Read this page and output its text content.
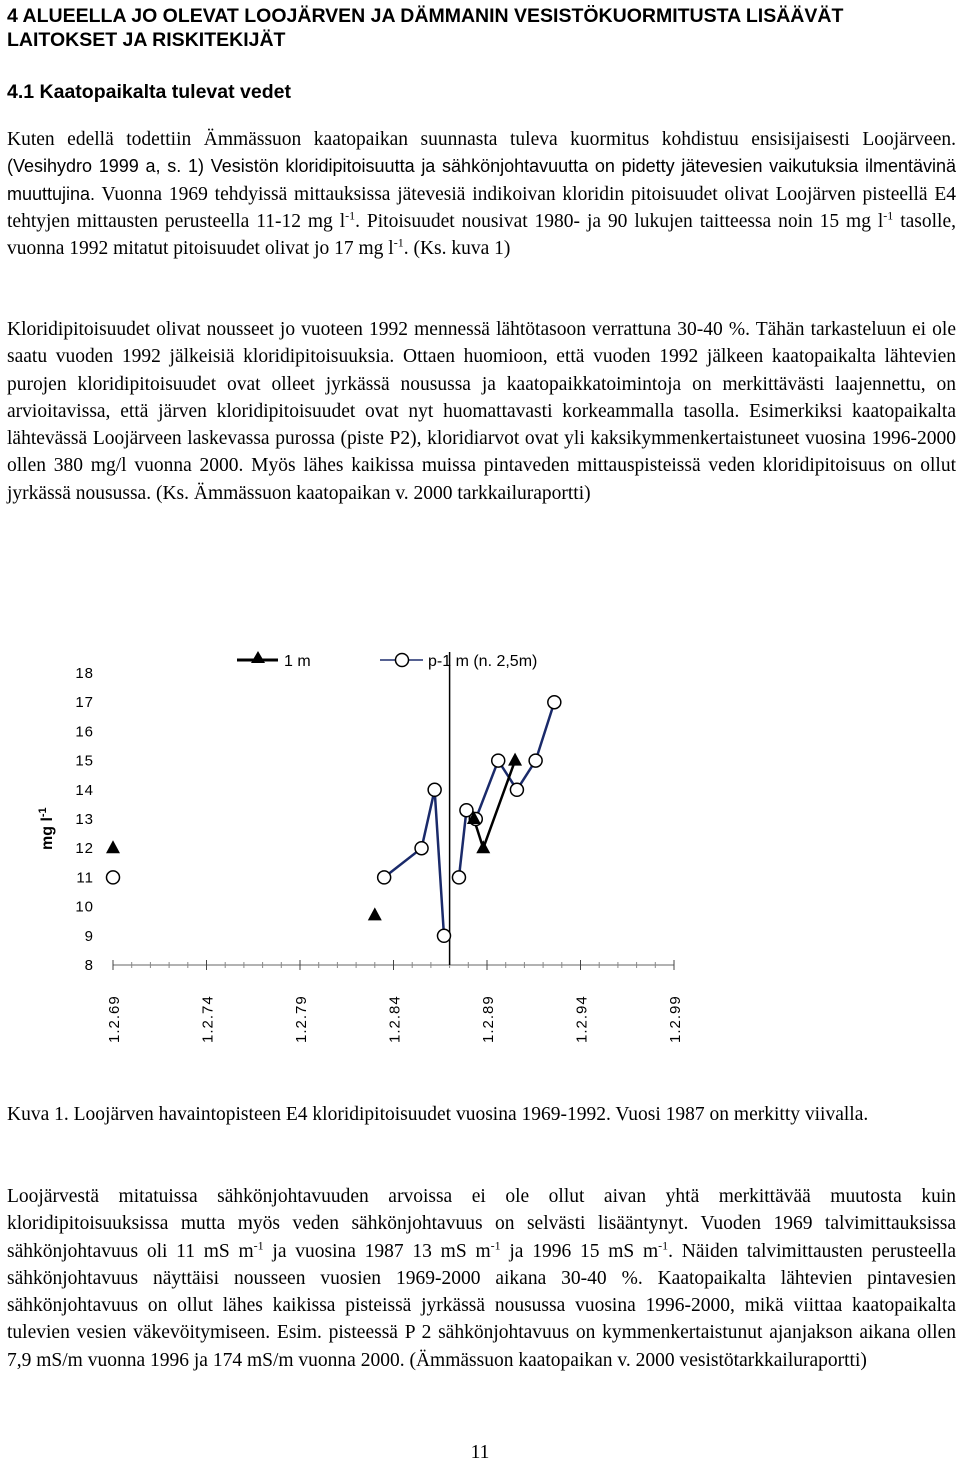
4 ALUEELLA JO OLEVAT LOOJÄRVEN JA DÄMMANIN VESISTÖKUORMITUSTA LISÄÄVÄT LAITOKSET JA RISKITEKIJÄT
4.1 Kaatopaikalta tulevat vedet

Kuten edellä todettiin Ämmässuon kaatopaikan suunnasta tuleva kuormitus kohdistuu ensisijaisesti Loojärveen. (Vesihydro 1999 a, s. 1) Vesistön kloridipitoisuutta ja sähkönjohtavuutta on pidetty jätevesien vaikutuksia ilmentävinä muuttujina. Vuonna 1969 tehdyissä mittauksissa jätevesiä indikoivan kloridin pitoisuudet olivat Loojärven pisteellä E4 tehtyjen mittausten perusteella 11-12 mg $l^{-1}$. Pitoisuudet nousivat 1980- ja 90 lukujen taitteessa noin 15 mg $l^{-1}$ tasolle, vuonna 1992 mitatut pitoisuudet olivat jo 17 mg $l^{-1}$. (Ks. kuva 1)

Kloridipitoisuudet olivat nousseet jo vuoteen 1992 mennessä lähtötasoon verrattuna 30-40 %. Tähän tarkasteluun ei ole saatu vuoden 1992 jälkeisiä kloridipitoisuuksia. Ottaen huomioon, että vuoden 1992 jälkeen kaatopaikalta lähtevien purojen kloridipitoisuudet ovat olleet jyrkässä nousussa ja kaatopaikkatoimintoja on merkittävästi laajennettu, on arvioitavissa, että järven kloridipitoisuudet ovat nyt huomattavasti korkeammalla tasolla. Esimerkiksi kaatopaikalta lähtevässä Loojärveen laskevassa purossa (piste P2), kloridiarvot ovat yli kaksikymmenkertaistuneet vuosina 1996-2000 ollen 380 mg/l vuonna 2000. Myös lähes kaikissa muissa pintaveden mittauspisteissä veden kloridipitoisuus on ollut jyrkässä nousussa. (Ks. Ämmässuon kaatopaikan v. 2000 tarkkailuraportti)

mg $l^{-1}$
18
17
16
15
14
13
12
11
10
9
8
1.2.69	1.2.74	1.2.79	1.2.84	1.2.89	1.2.94	1.2.99
1 m	p-1 m (n. 2,5m)

Kuva 1. Loojärven havaintopisteen E4 kloridipitoisuudet vuosina 1969-1992. Vuosi 1987 on merkitty viivalla.

Loojärvestä mitatuissa sähkönjohtavuuden arvoissa ei ole ollut aivan yhtä merkittävää muutosta kuin kloridipitoisuuksissa mutta myös veden sähkönjohtavuus on selvästi lisääntynyt. Vuoden 1969 talvimittauksissa sähkönjohtavuus oli 11 mS $m^{-1}$ ja vuosina 1987 13 mS $m^{-1}$ ja 1996 15 mS $m^{-1}$. Näiden talvimittausten perusteella sähkönjohtavuus näyttäisi nousseen vuosien 1969-2000 aikana 30-40 %. Kaatopaikalta lähtevien pintavesien sähkönjohtavuus on ollut lähes kaikissa pisteissä jyrkässä nousussa vuosina 1996-2000, mikä viittaa kaatopaikalta tulevien vesien väkevöitymiseen. Esim. pisteessä P 2 sähkönjohtavuus on kymmenkertaistunut ajanjakson aikana ollen 7,9 mS/m vuonna 1996 ja 174 mS/m vuonna 2000. (Ämmässuon kaatopaikan v. 2000 vesistötarkkailuraportti)

11
